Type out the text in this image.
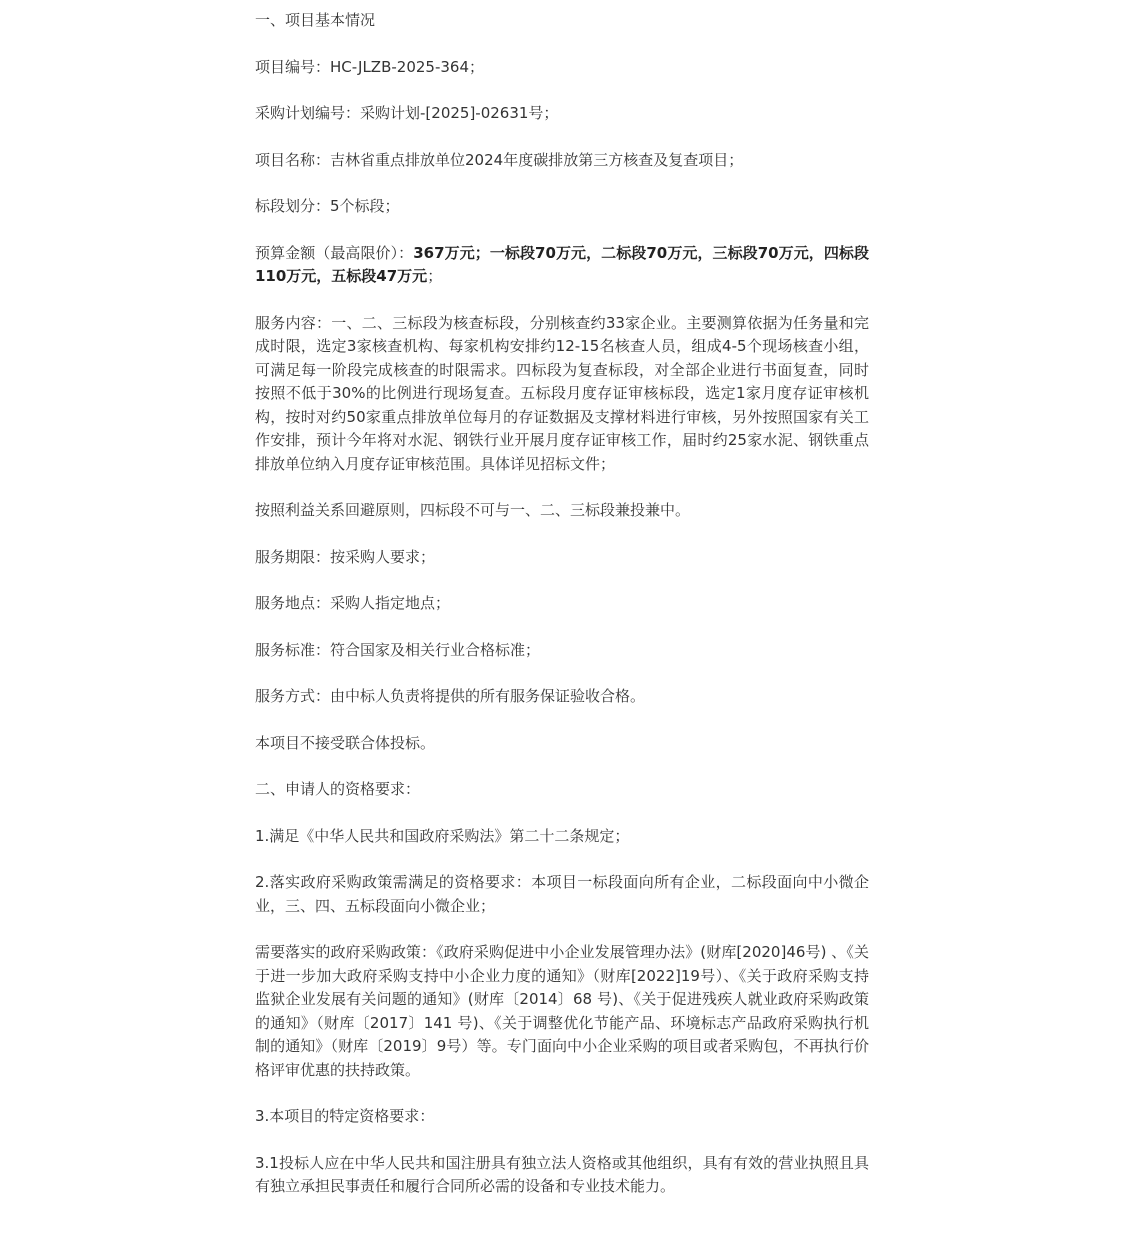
一、项目基本情况

项目编号：HC-JLZB-2025-364；

采购计划编号：采购计划-[2025]-02631号；

项目名称：吉林省重点排放单位2024年度碳排放第三方核查及复查项目；

标段划分：5个标段；

预算金额（最高限价）：367万元；一标段70万元，二标段70万元，三标段70万元，四标段110万元，五标段47万元；

服务内容：一、二、三标段为核查标段，分别核查约33家企业。主要测算依据为任务量和完成时限，选定3家核查机构、每家机构安排约12-15名核查人员，组成4-5个现场核查小组，可满足每一阶段完成核查的时限需求。四标段为复查标段，对全部企业进行书面复查，同时按照不低于30%的比例进行现场复查。五标段月度存证审核标段，选定1家月度存证审核机构，按时对约50家重点排放单位每月的存证数据及支撑材料进行审核，另外按照国家有关工作安排，预计今年将对水泥、钢铁行业开展月度存证审核工作，届时约25家水泥、钢铁重点排放单位纳入月度存证审核范围。具体详见招标文件；

按照利益关系回避原则，四标段不可与一、二、三标段兼投兼中。

服务期限：按采购人要求；

服务地点：采购人指定地点；

服务标准：符合国家及相关行业合格标准；

服务方式：由中标人负责将提供的所有服务保证验收合格。

本项目不接受联合体投标。

二、申请人的资格要求：

1.满足《中华人民共和国政府采购法》第二十二条规定；

2.落实政府采购政策需满足的资格要求：本项目一标段面向所有企业，二标段面向中小微企业，三、四、五标段面向小微企业；

需要落实的政府采购政策：《政府采购促进中小企业发展管理办法》(财库[2020]46号) 、《关于进一步加大政府采购支持中小企业力度的通知》（财库[2022]19号）、《关于政府采购支持监狱企业发展有关问题的通知》(财库〔2014〕68 号)、《关于促进残疾人就业政府采购政策的通知》（财库〔2017〕141 号)、《关于调整优化节能产品、环境标志产品政府采购执行机制的通知》（财库〔2019〕9号）等。专门面向中小企业采购的项目或者采购包，不再执行价格评审优惠的扶持政策。

3.本项目的特定资格要求：

3.1投标人应在中华人民共和国注册具有独立法人资格或其他组织，具有有效的营业执照且具有独立承担民事责任和履行合同所必需的设备和专业技术能力。
